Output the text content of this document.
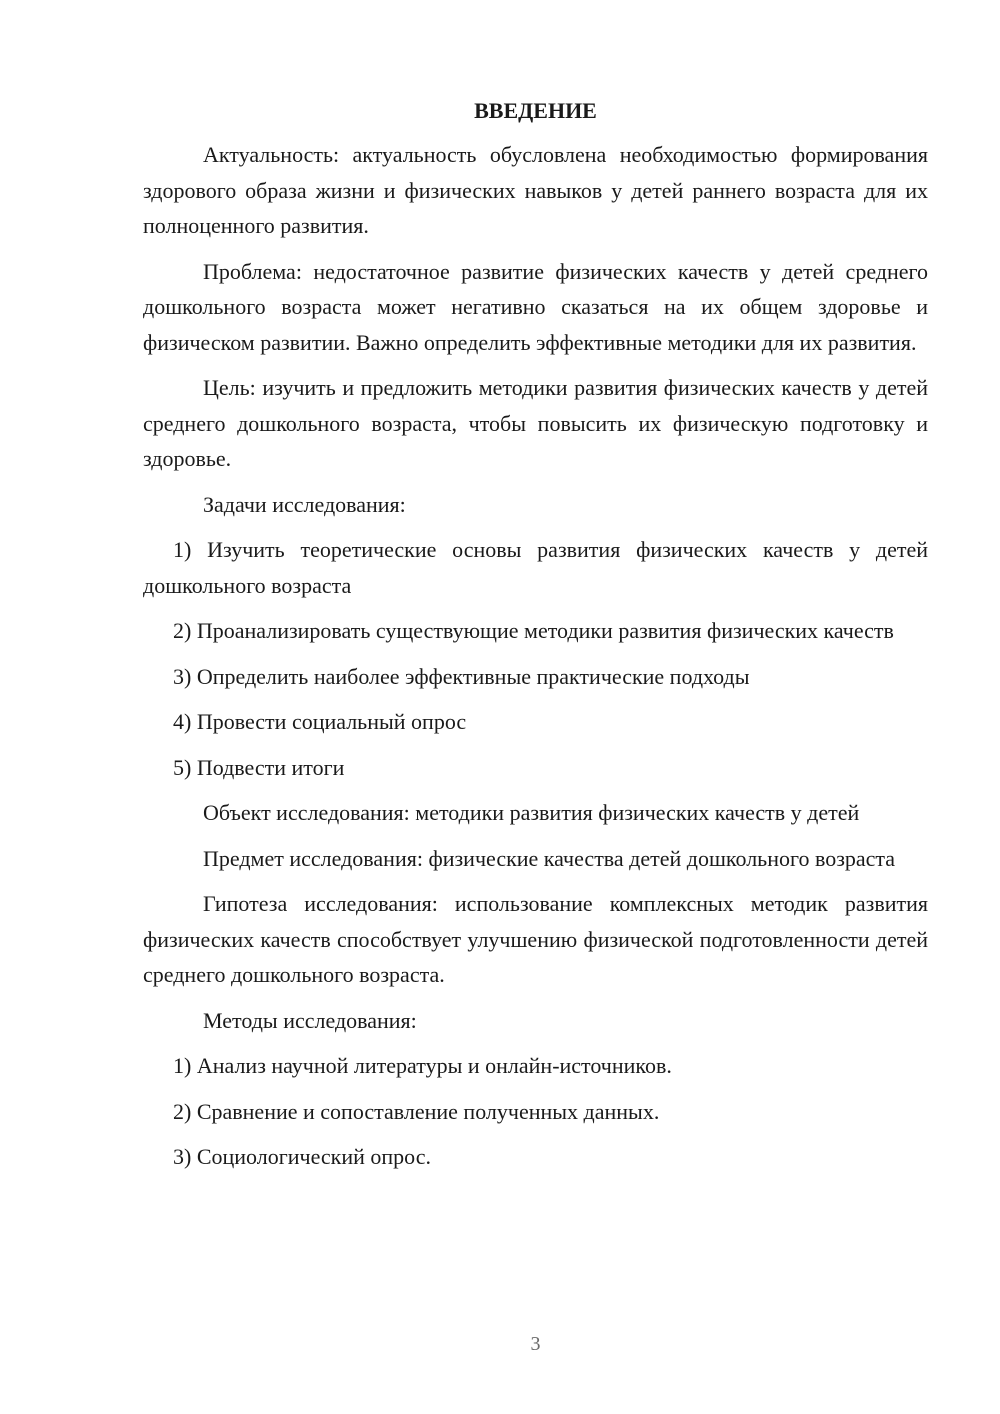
ВВЕДЕНИЕ

Актуальность: актуальность обусловлена необходимостью формирования здорового образа жизни и физических навыков у детей раннего возраста для их полноценного развития.

Проблема: недостаточное развитие физических качеств у детей среднего дошкольного возраста может негативно сказаться на их общем здоровье и физическом развитии. Важно определить эффективные методики для их развития.

Цель: изучить и предложить методики развития физических качеств у детей среднего дошкольного возраста, чтобы повысить их физическую подготовку и здоровье.

Задачи исследования:

1) Изучить теоретические основы развития физических качеств у детей дошкольного возраста

2) Проанализировать существующие методики развития физических качеств

3) Определить наиболее эффективные практические подходы

4) Провести социальный опрос

5) Подвести итоги

Объект исследования: методики развития физических качеств у детей

Предмет исследования: физические качества детей дошкольного возраста

Гипотеза исследования: использование комплексных методик развития физических качеств способствует улучшению физической подготовленности детей среднего дошкольного возраста.

Методы исследования:

1) Анализ научной литературы и онлайн-источников.

2) Сравнение и сопоставление полученных данных.

3) Социологический опрос.

3
